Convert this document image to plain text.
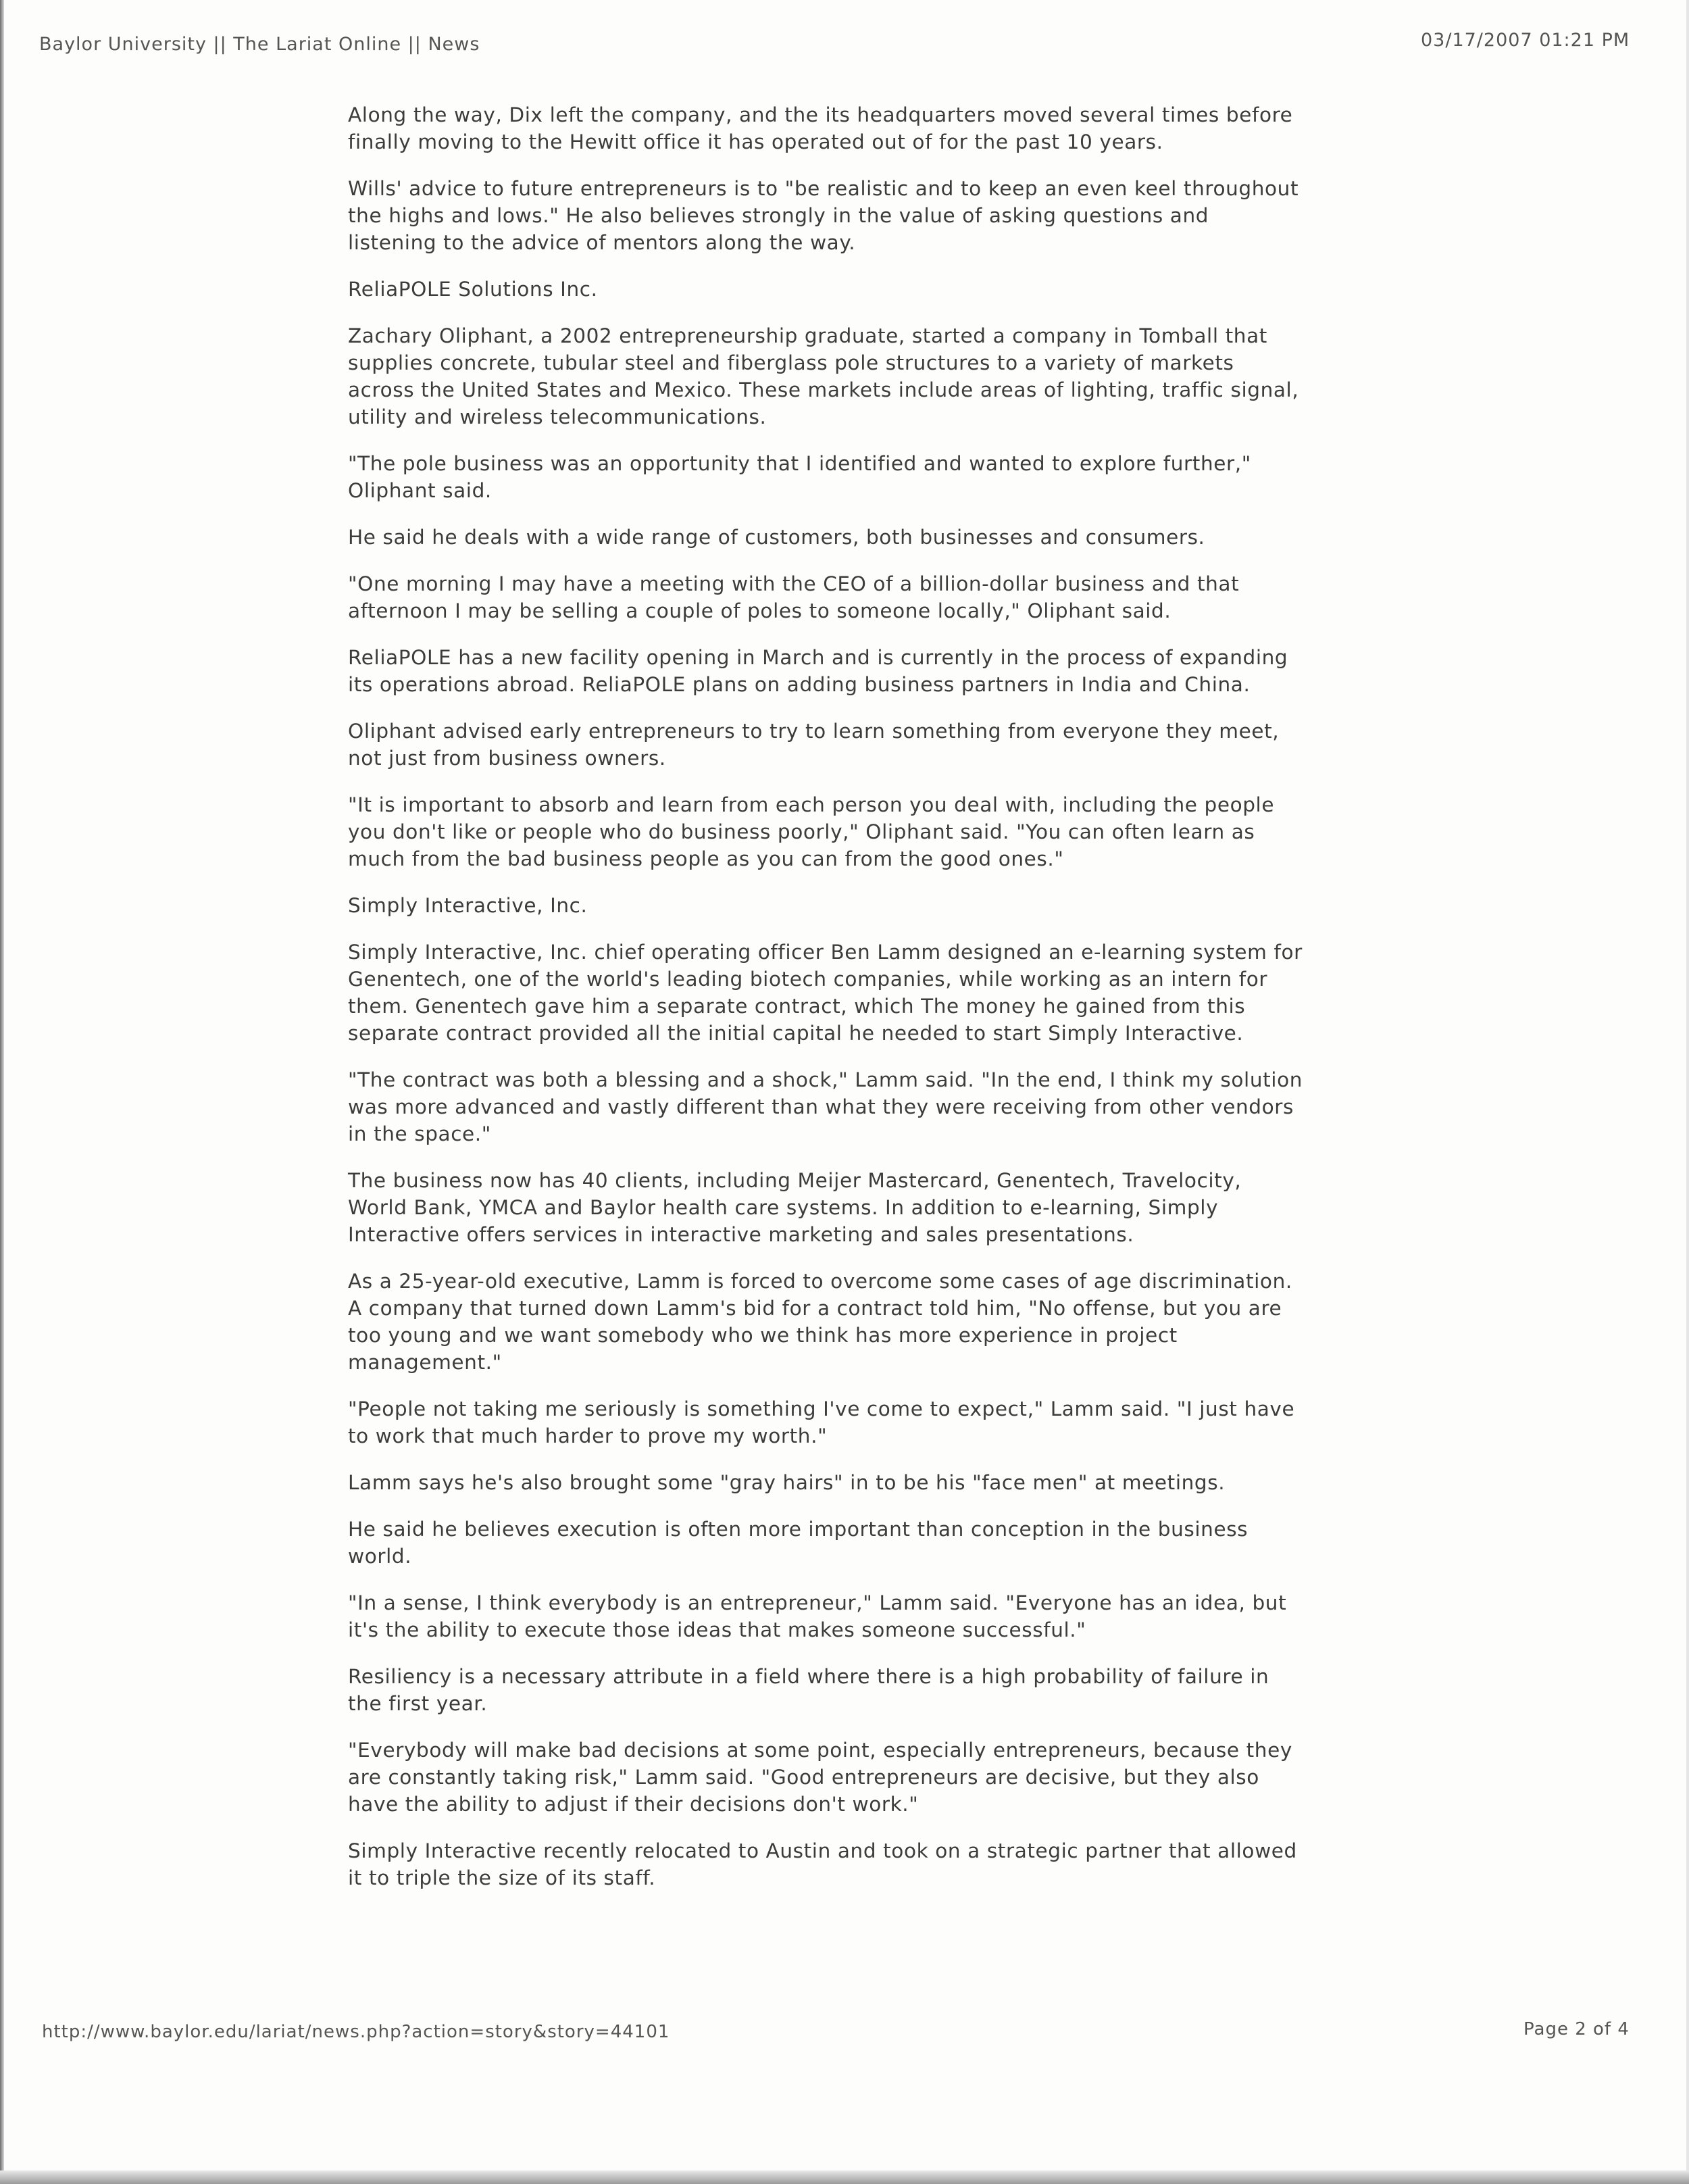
Baylor University || The Lariat Online || News	03/17/2007 01:21 PM

Along the way, Dix left the company, and the its headquarters moved several times before finally moving to the Hewitt office it has operated out of for the past 10 years.

Wills' advice to future entrepreneurs is to "be realistic and to keep an even keel throughout the highs and lows." He also believes strongly in the value of asking questions and listening to the advice of mentors along the way.

ReliaPOLE Solutions Inc.

Zachary Oliphant, a 2002 entrepreneurship graduate, started a company in Tomball that supplies concrete, tubular steel and fiberglass pole structures to a variety of markets across the United States and Mexico. These markets include areas of lighting, traffic signal, utility and wireless telecommunications.

"The pole business was an opportunity that I identified and wanted to explore further," Oliphant said.

He said he deals with a wide range of customers, both businesses and consumers.

"One morning I may have a meeting with the CEO of a billion-dollar business and that afternoon I may be selling a couple of poles to someone locally," Oliphant said.

ReliaPOLE has a new facility opening in March and is currently in the process of expanding its operations abroad. ReliaPOLE plans on adding business partners in India and China.

Oliphant advised early entrepreneurs to try to learn something from everyone they meet, not just from business owners.

"It is important to absorb and learn from each person you deal with, including the people you don't like or people who do business poorly," Oliphant said. "You can often learn as much from the bad business people as you can from the good ones."

Simply Interactive, Inc.

Simply Interactive, Inc. chief operating officer Ben Lamm designed an e-learning system for Genentech, one of the world's leading biotech companies, while working as an intern for them. Genentech gave him a separate contract, which The money he gained from this separate contract provided all the initial capital he needed to start Simply Interactive.

"The contract was both a blessing and a shock," Lamm said. "In the end, I think my solution was more advanced and vastly different than what they were receiving from other vendors in the space."

The business now has 40 clients, including Meijer Mastercard, Genentech, Travelocity, World Bank, YMCA and Baylor health care systems. In addition to e-learning, Simply Interactive offers services in interactive marketing and sales presentations.

As a 25-year-old executive, Lamm is forced to overcome some cases of age discrimination. A company that turned down Lamm's bid for a contract told him, "No offense, but you are too young and we want somebody who we think has more experience in project management."

"People not taking me seriously is something I've come to expect," Lamm said. "I just have to work that much harder to prove my worth."

Lamm says he's also brought some "gray hairs" in to be his "face men" at meetings.

He said he believes execution is often more important than conception in the business world.

"In a sense, I think everybody is an entrepreneur," Lamm said. "Everyone has an idea, but it's the ability to execute those ideas that makes someone successful."

Resiliency is a necessary attribute in a field where there is a high probability of failure in the first year.

"Everybody will make bad decisions at some point, especially entrepreneurs, because they are constantly taking risk," Lamm said. "Good entrepreneurs are decisive, but they also have the ability to adjust if their decisions don't work."

Simply Interactive recently relocated to Austin and took on a strategic partner that allowed it to triple the size of its staff.

http://www.baylor.edu/lariat/news.php?action=story&story=44101	Page 2 of 4
